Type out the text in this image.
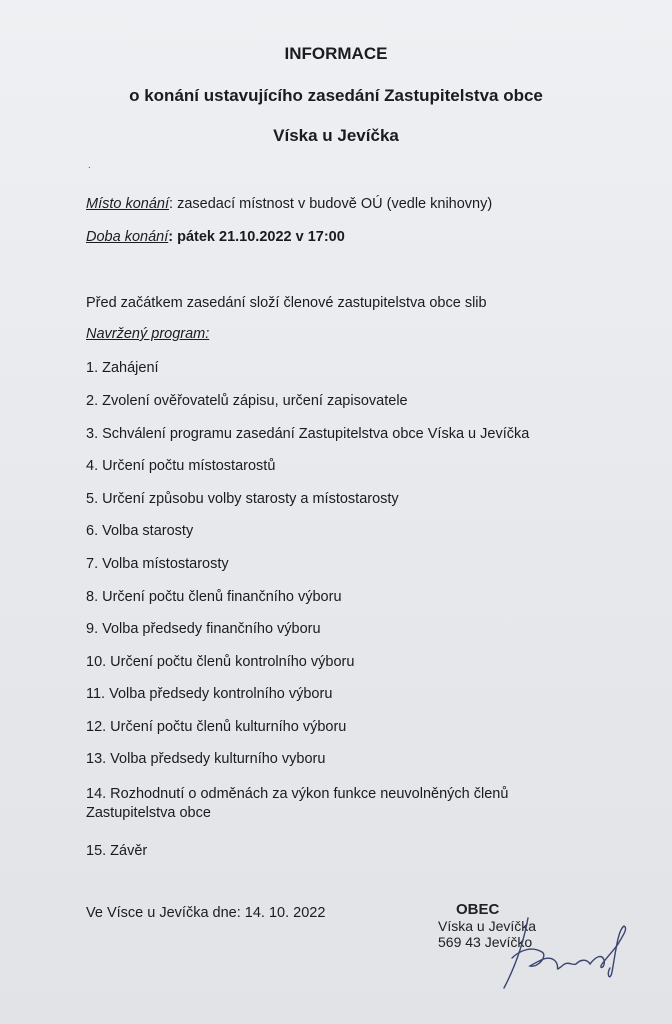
INFORMACE
o konání ustavujícího zasedání Zastupitelstva obce
Víska u Jevíčka
.
Místo konání: zasedací místnost v budově OÚ (vedle knihovny)
Doba konání: pátek 21.10.2022 v 17:00
Před začátkem zasedání složí členové zastupitelstva obce slib
Navržený program:
1. Zahájení
2. Zvolení ověřovatelů zápisu, určení zapisovatele
3. Schválení programu zasedání Zastupitelstva obce Víska u Jevíčka
4. Určení počtu místostarostů
5. Určení způsobu volby starosty a místostarosty
6. Volba starosty
7. Volba místostarosty
8. Určení počtu členů finančního výboru
9. Volba předsedy finančního výboru
10. Určení počtu členů kontrolního výboru
11. Volba předsedy kontrolního výboru
12. Určení počtu členů kulturního výboru
13. Volba předsedy kulturního vyboru
14. Rozhodnutí o odměnách za výkon funkce neuvolněných členů Zastupitelstva obce
15. Závěr
Ve Vísce u Jevíčka dne: 14. 10. 2022	OBEC
Víska u Jevíčka
569 43 Jevíčko
